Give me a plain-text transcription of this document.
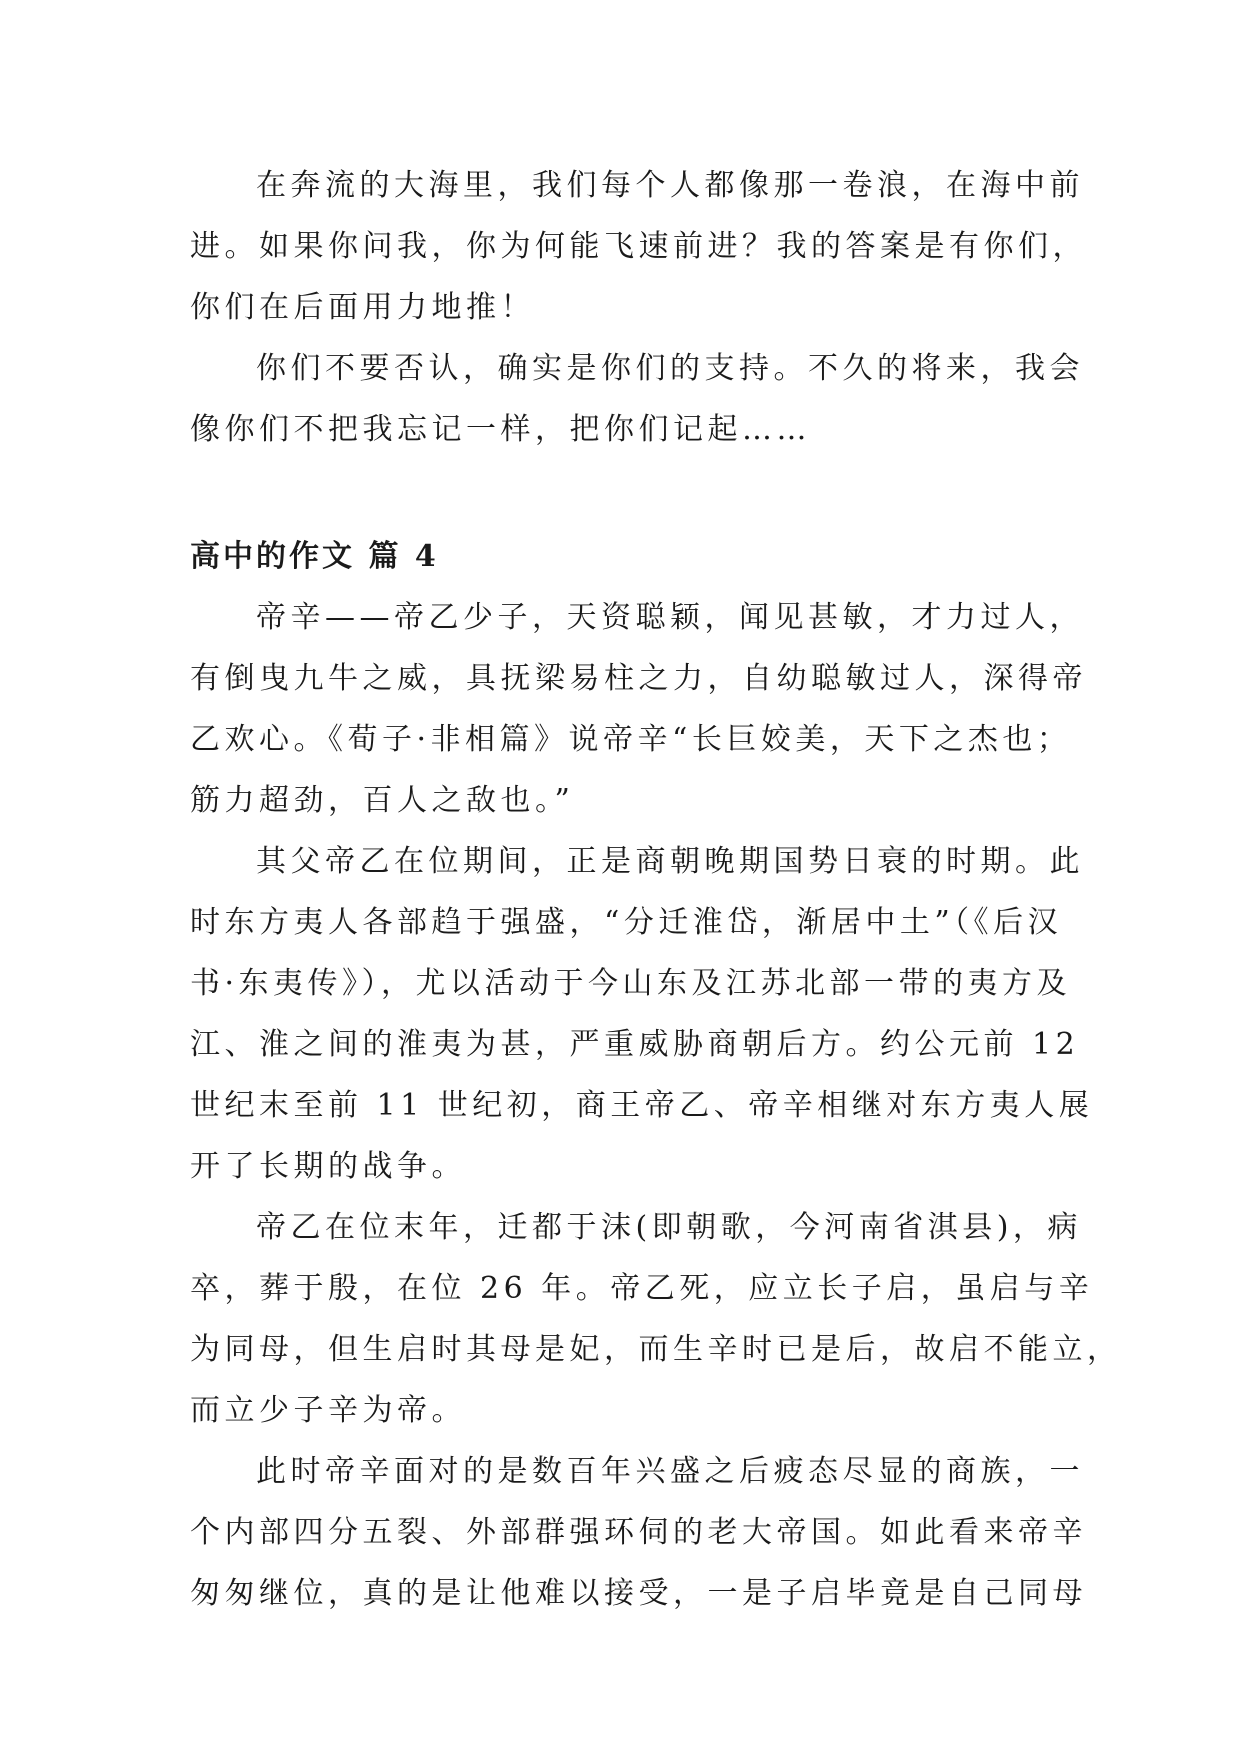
在奔流的大海里，我们每个人都像那一卷浪，在海中前
进。如果你问我，你为何能飞速前进？我的答案是有你们，
你们在后面用力地推！

你们不要否认，确实是你们的支持。不久的将来，我会
像你们不把我忘记一样，把你们记起……

高中的作文 篇 4

帝辛——帝乙少子，天资聪颖，闻见甚敏，才力过人，
有倒曳九牛之威，具抚梁易柱之力，自幼聪敏过人，深得帝
乙欢心。《荀子·非相篇》说帝辛“长巨姣美，天下之杰也；
筋力超劲，百人之敌也。”

其父帝乙在位期间，正是商朝晚期国势日衰的时期。此
时东方夷人各部趋于强盛，“分迁淮岱，渐居中土”（《后汉
书·东夷传》），尤以活动于今山东及江苏北部一带的夷方及
江、淮之间的淮夷为甚，严重威胁商朝后方。约公元前 12
世纪末至前 11 世纪初，商王帝乙、帝辛相继对东方夷人展
开了长期的战争。

帝乙在位末年，迁都于沫(即朝歌，今河南省淇县)，病
卒，葬于殷，在位 26 年。帝乙死，应立长子启，虽启与辛
为同母，但生启时其母是妃，而生辛时已是后，故启不能立，
而立少子辛为帝。

此时帝辛面对的是数百年兴盛之后疲态尽显的商族，一
个内部四分五裂、外部群强环伺的老大帝国。如此看来帝辛
匆匆继位，真的是让他难以接受，一是子启毕竟是自己同母
